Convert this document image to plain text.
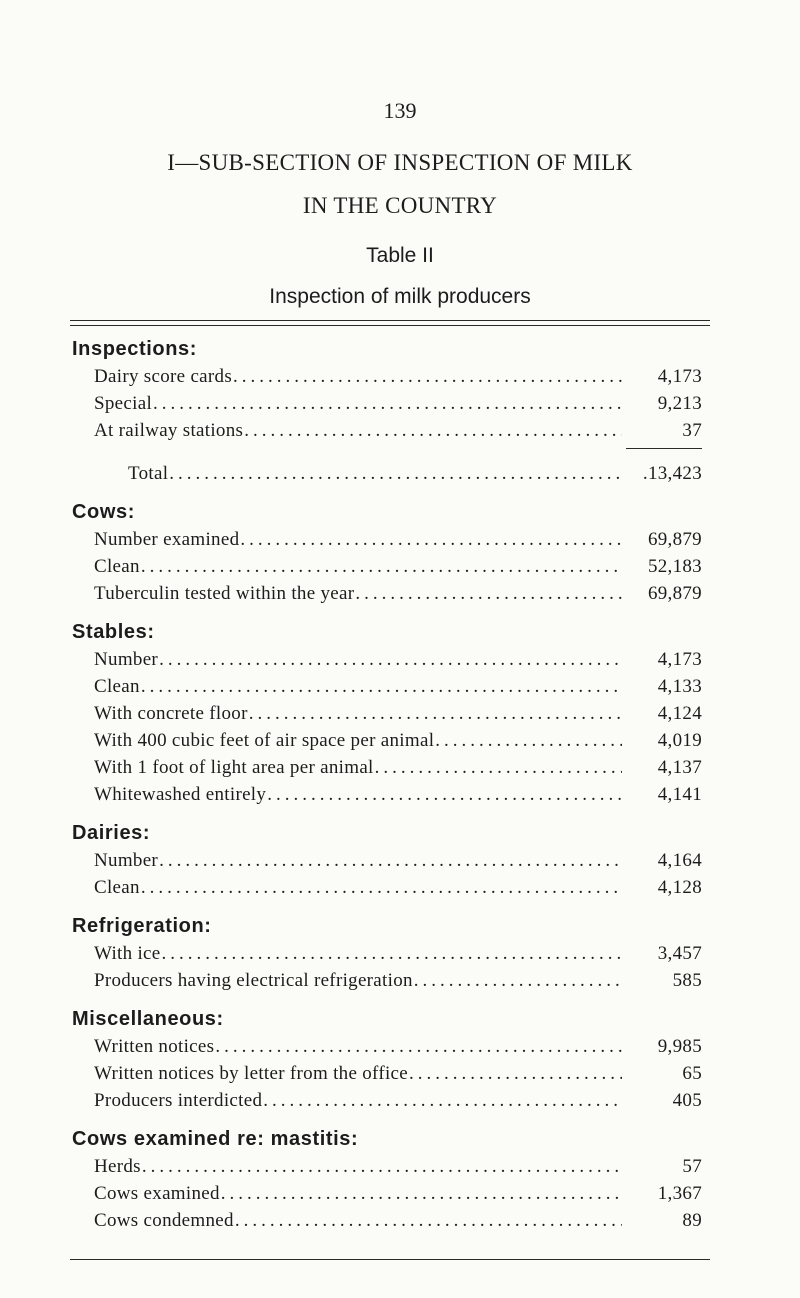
139
I—SUB-SECTION OF INSPECTION OF MILK
IN THE COUNTRY
Table II
Inspection of milk producers
Inspections:
Dairy score cards .....	4,173
Special .....	9,213
At railway stations .....	37
Total .....	.13,423
Cows:
Number examined .....	69,879
Clean .....	52,183
Tuberculin tested within the year .....	69,879
Stables:
Number .....	4,173
Clean .....	4,133
With concrete floor .....	4,124
With 400 cubic feet of air space per animal .....	4,019
With 1 foot of light area per animal .....	4,137
Whitewashed entirely .....	4,141
Dairies:
Number .....	4,164
Clean .....	4,128
Refrigeration:
With ice .....	3,457
Producers having electrical refrigeration .....	585
Miscellaneous:
Written notices .....	9,985
Written notices by letter from the office .....	65
Producers interdicted .....	405
Cows examined re: mastitis:
Herds .....	57
Cows examined .....	1,367
Cows condemned .....	89
